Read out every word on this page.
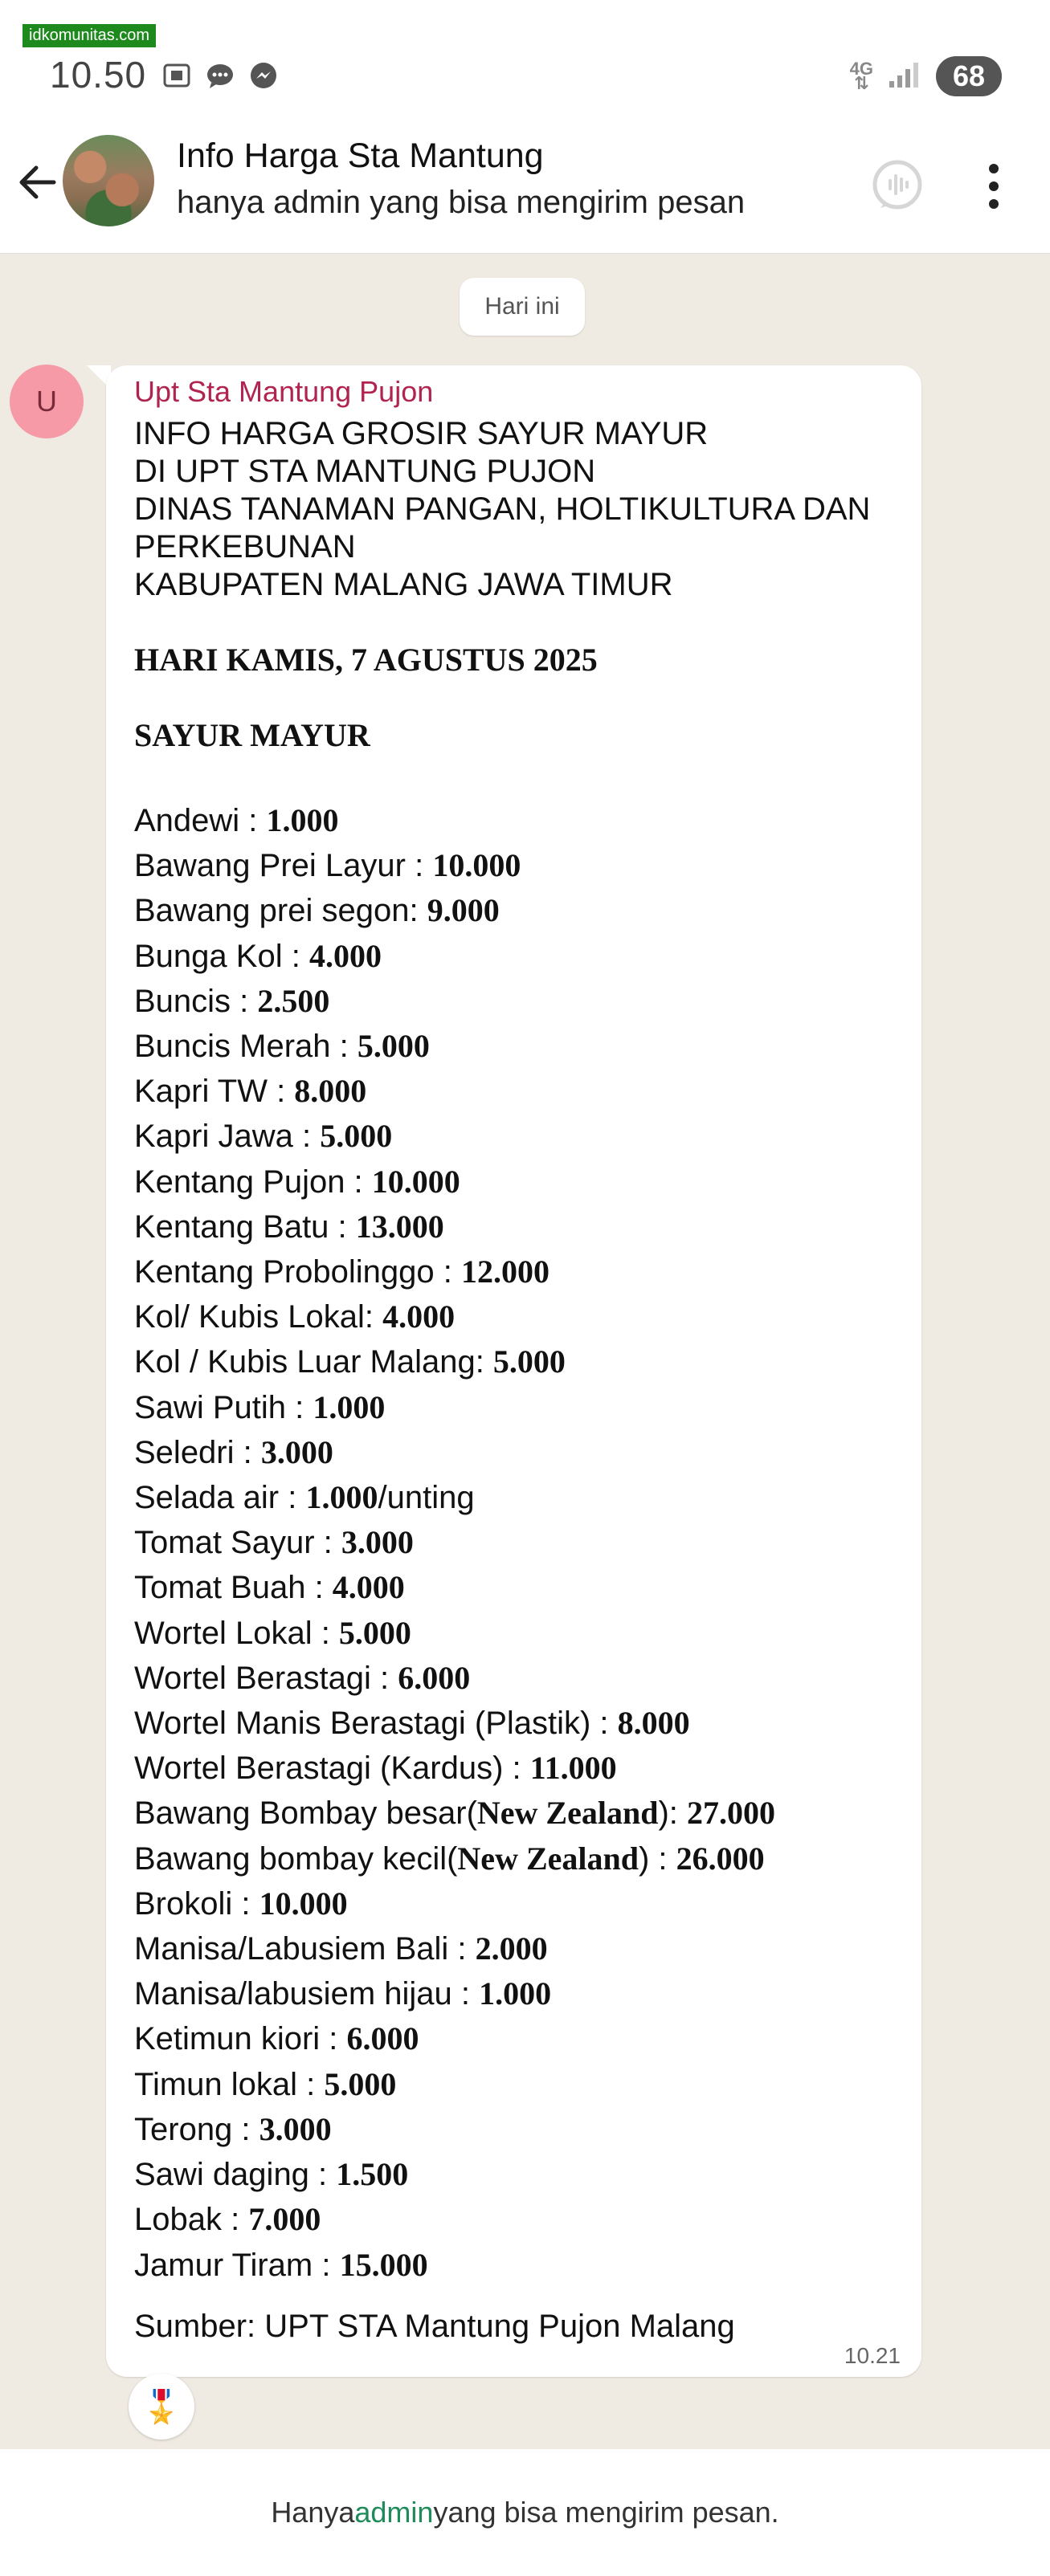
idkomunitas.com
10.50	4G
⇅	68
Info Harga Sta Mantung
hanya admin yang bisa mengirim pesan
Hari ini
U	Upt Sta Mantung Pujon
INFO HARGA GROSIR SAYUR MAYUR
DI UPT STA MANTUNG PUJON
DINAS TANAMAN PANGAN, HOLTIKULTURA DAN
PERKEBUNAN
KABUPATEN MALANG JAWA TIMUR
HARI KAMIS, 7 AGUSTUS 2025
SAYUR MAYUR
Andewi : 1.000
Bawang Prei Layur : 10.000
Bawang prei segon: 9.000
Bunga Kol : 4.000
Buncis : 2.500
Buncis Merah : 5.000
Kapri TW : 8.000
Kapri Jawa : 5.000
Kentang Pujon : 10.000
Kentang Batu : 13.000
Kentang Probolinggo : 12.000
Kol/ Kubis Lokal: 4.000
Kol / Kubis Luar Malang: 5.000
Sawi Putih : 1.000
Seledri : 3.000
Selada air : 1.000/unting
Tomat Sayur : 3.000
Tomat Buah : 4.000
Wortel Lokal : 5.000
Wortel Berastagi : 6.000
Wortel Manis Berastagi (Plastik) : 8.000
Wortel Berastagi (Kardus) : 11.000
Bawang Bombay besar(New Zealand): 27.000
Bawang bombay kecil(New Zealand) : 26.000
Brokoli : 10.000
Manisa/Labusiem Bali : 2.000
Manisa/labusiem hijau : 1.000
Ketimun kiori : 6.000
Timun lokal : 5.000
Terong : 3.000
Sawi daging : 1.500
Lobak : 7.000
Jamur Tiram : 15.000
Sumber: UPT STA Mantung Pujon Malang
10.21
🎖️
Hanya admin yang bisa mengirim pesan.
